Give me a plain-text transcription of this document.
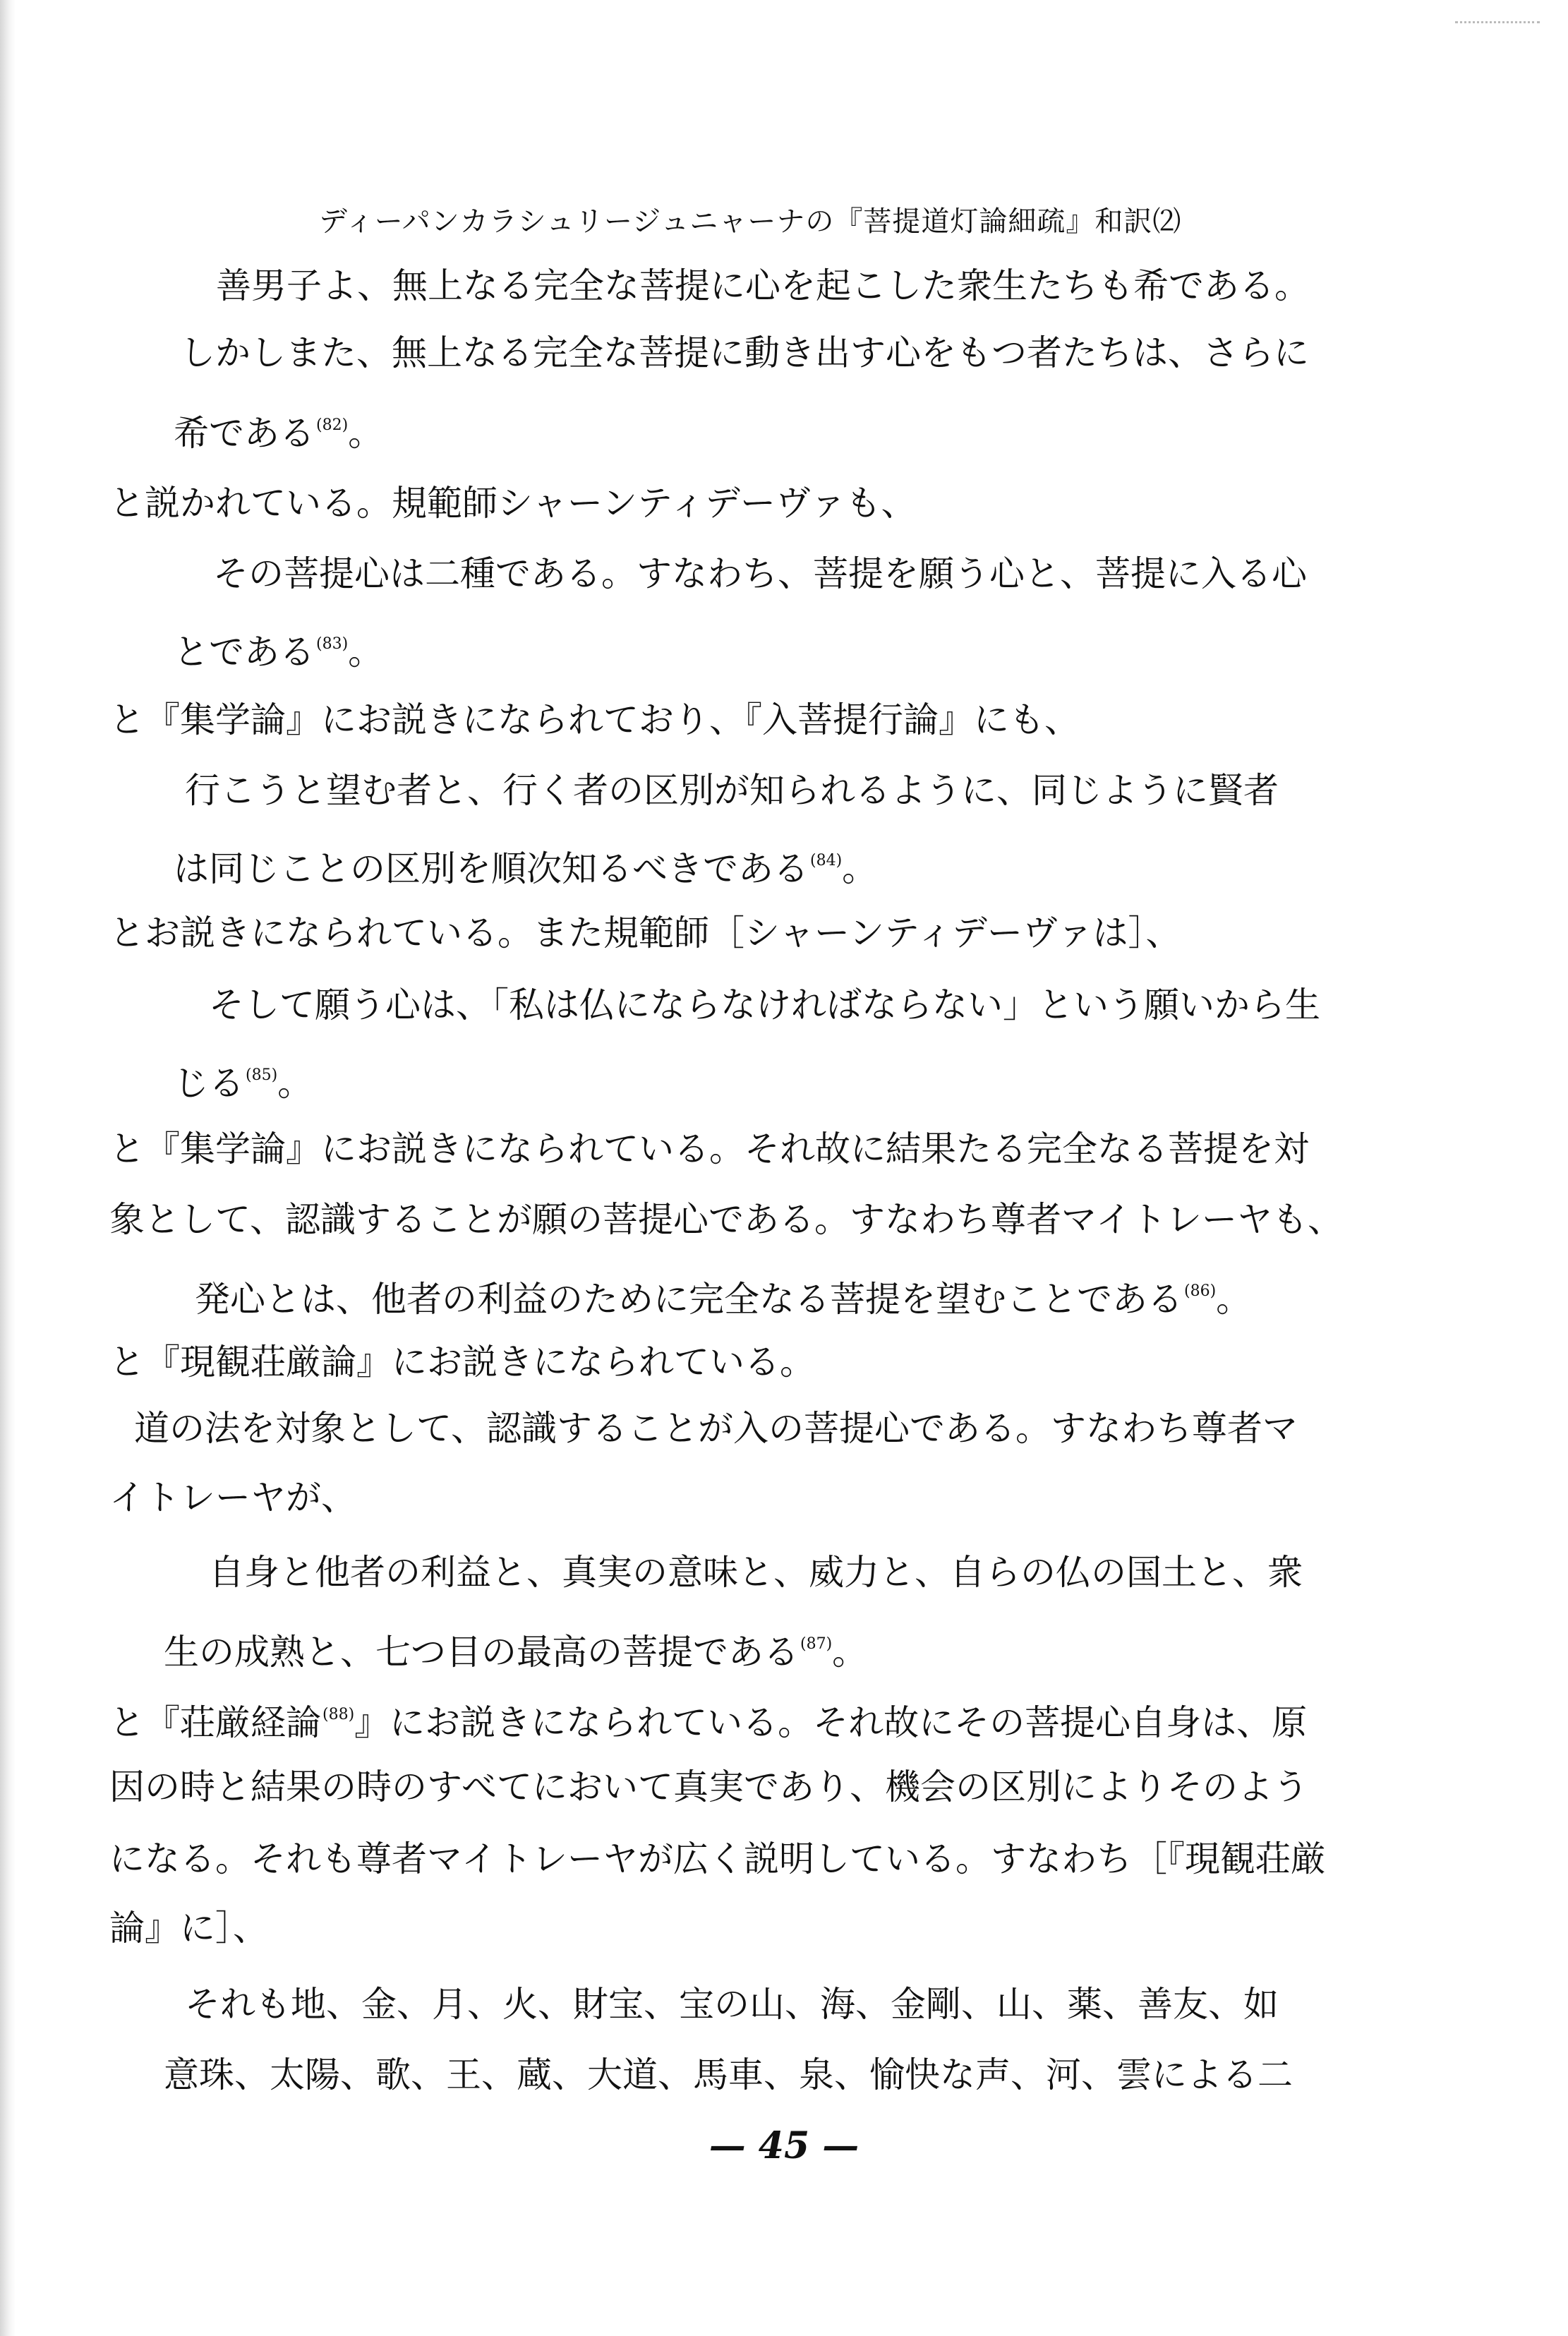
ディーパンカラシュリージュニャーナの『菩提道灯論細疏』和訳⑵
善男子よ、無上なる完全な菩提に心を起こした衆生たちも希である。
しかしまた、無上なる完全な菩提に動き出す心をもつ者たちは、さらに
希である$^{(82)}$。
と説かれている。規範師シャーンティデーヴァも、
その菩提心は二種である。すなわち、菩提を願う心と、菩提に入る心
とである$^{(83)}$。
と『集学論』にお説きになられており、『入菩提行論』にも、
行こうと望む者と、行く者の区別が知られるように、同じように賢者
は同じことの区別を順次知るべきである$^{(84)}$。
とお説きになられている。また規範師［シャーンティデーヴァは］、
そして願う心は、「私は仏にならなければならない」という願いから生
じる$^{(85)}$。
と『集学論』にお説きになられている。それ故に結果たる完全なる菩提を対
象として、認識することが願の菩提心である。すなわち尊者マイトレーヤも、
発心とは、他者の利益のために完全なる菩提を望むことである$^{(86)}$。
と『現観荘厳論』にお説きになられている。
道の法を対象として、認識することが入の菩提心である。すなわち尊者マ
イトレーヤが、
自身と他者の利益と、真実の意味と、威力と、自らの仏の国土と、衆
生の成熟と、七つ目の最高の菩提である$^{(87)}$。
と『荘厳経論$^{(88)}$』にお説きになられている。それ故にその菩提心自身は、原
因の時と結果の時のすべてにおいて真実であり、機会の区別によりそのよう
になる。それも尊者マイトレーヤが広く説明している。すなわち［『現観荘厳
論』に］、
それも地、金、月、火、財宝、宝の山、海、金剛、山、薬、善友、如
意珠、太陽、歌、王、蔵、大道、馬車、泉、愉快な声、河、雲による二
— 45 —
